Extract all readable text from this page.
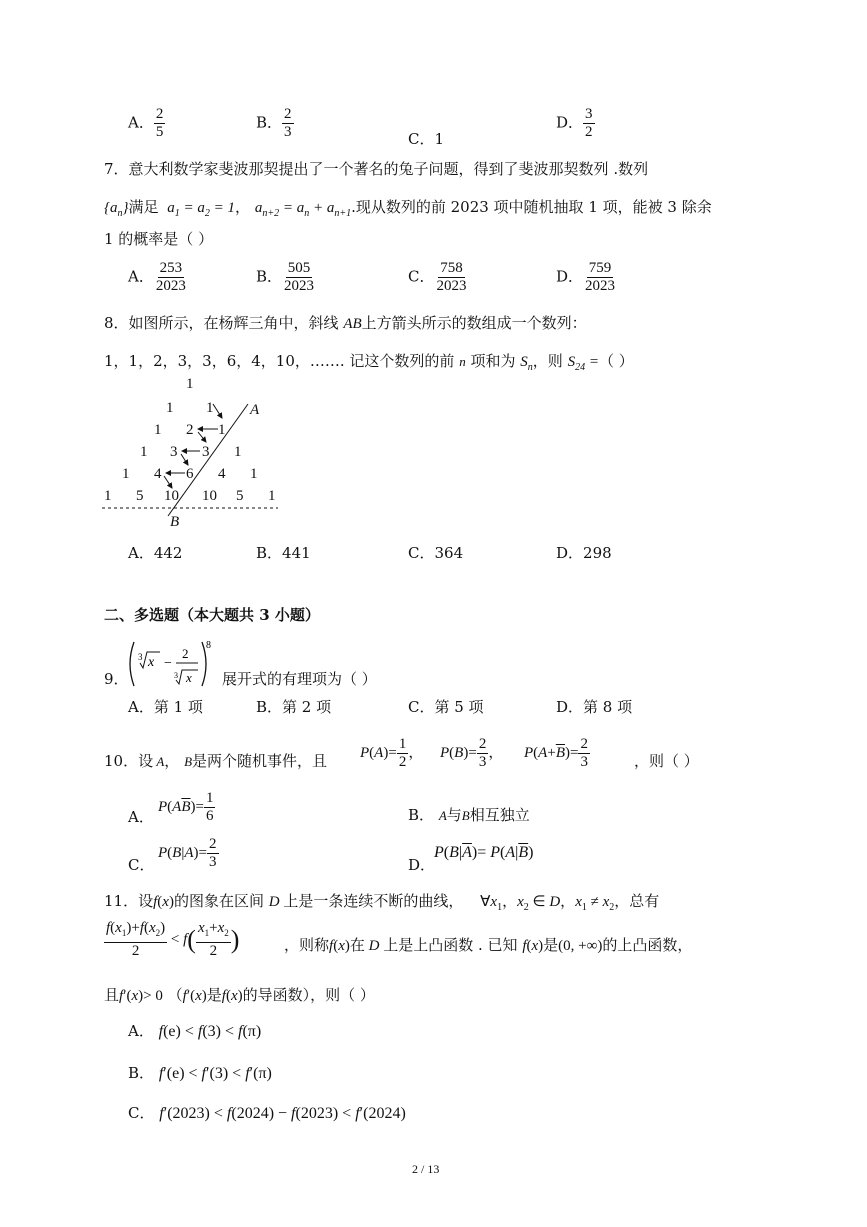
A． $\frac{2}{5}$	B． $\frac{2}{3}$	C．1
D． $\frac{3}{2}$
7．意大利数学家斐波那契提出了一个著名的兔子问题，得到了斐波那契数列 .数列
$\{a_n\}$满足 $a_1 = a_2 = 1$， $a_{n+2} = a_n + a_{n+1}$.现从数列的前 2023 项中随机抽取 1 项，能被 3 除余
1 的概率是（ ）
A． $\frac{253}{2023}$	B． $\frac{505}{2023}$	C． $\frac{758}{2023}$	D． $\frac{759}{2023}$
8．如图所示，在杨辉三角中，斜线 AB上方箭头所示的数组成一个数列：
1，1，2，3，3，6，4，10，……. 记这个数列的前 n 项和为 $S_n$，则 $S_{24}$ =（ ）
1
1 1
1 2 1
1 3 3 1
1 4 6 4 1
1 5 10 10 5 1
A
B
A．442	B．441	C．364	D．298
二、多选题（本大题共 3 小题）
9．
8
3 x −
2
3 x 展开式的有理项为（ ）
A．第 1 项	B．第 2 项	C．第 5 项	D．第 8 项
10．设 A， B是两个随机事件，且 $P(A)= \frac{1}{2}$ ， $P(B)= \frac{2}{3}$ ， $P(A+\overline{B})= \frac{2}{3}$	，则（ ）
A．
$P(A\overline{B})= \frac{1}{6}$	B． A与B相互独立
C．
$P(B|A)= \frac{2}{3}$	D．
$P(B|\overline{A})= P(A|\overline{B})$
11．设f(x)的图象在区间 D 上是一条连续不断的曲线， $\forall x_1$，$x_2$ ∈ D，$x_1 \ne x_2$，总有
$\frac{f(x_1)+f(x_2)}{2} < f( \frac{x_1+x_2}{2}$ )	，则称f(x)在 D 上是上凸函数 . 已知 f(x)是(0, +∞)的上凸函数，
且f′(x)> 0 （f′(x)是f(x)的导函数），则（ ）
A． f(e) < f(3) < f(π)
B． f′(e) < f′(3) < f′(π)
C． f′(2023) < f(2024) − f(2023) < f′(2024)
2 / 13
